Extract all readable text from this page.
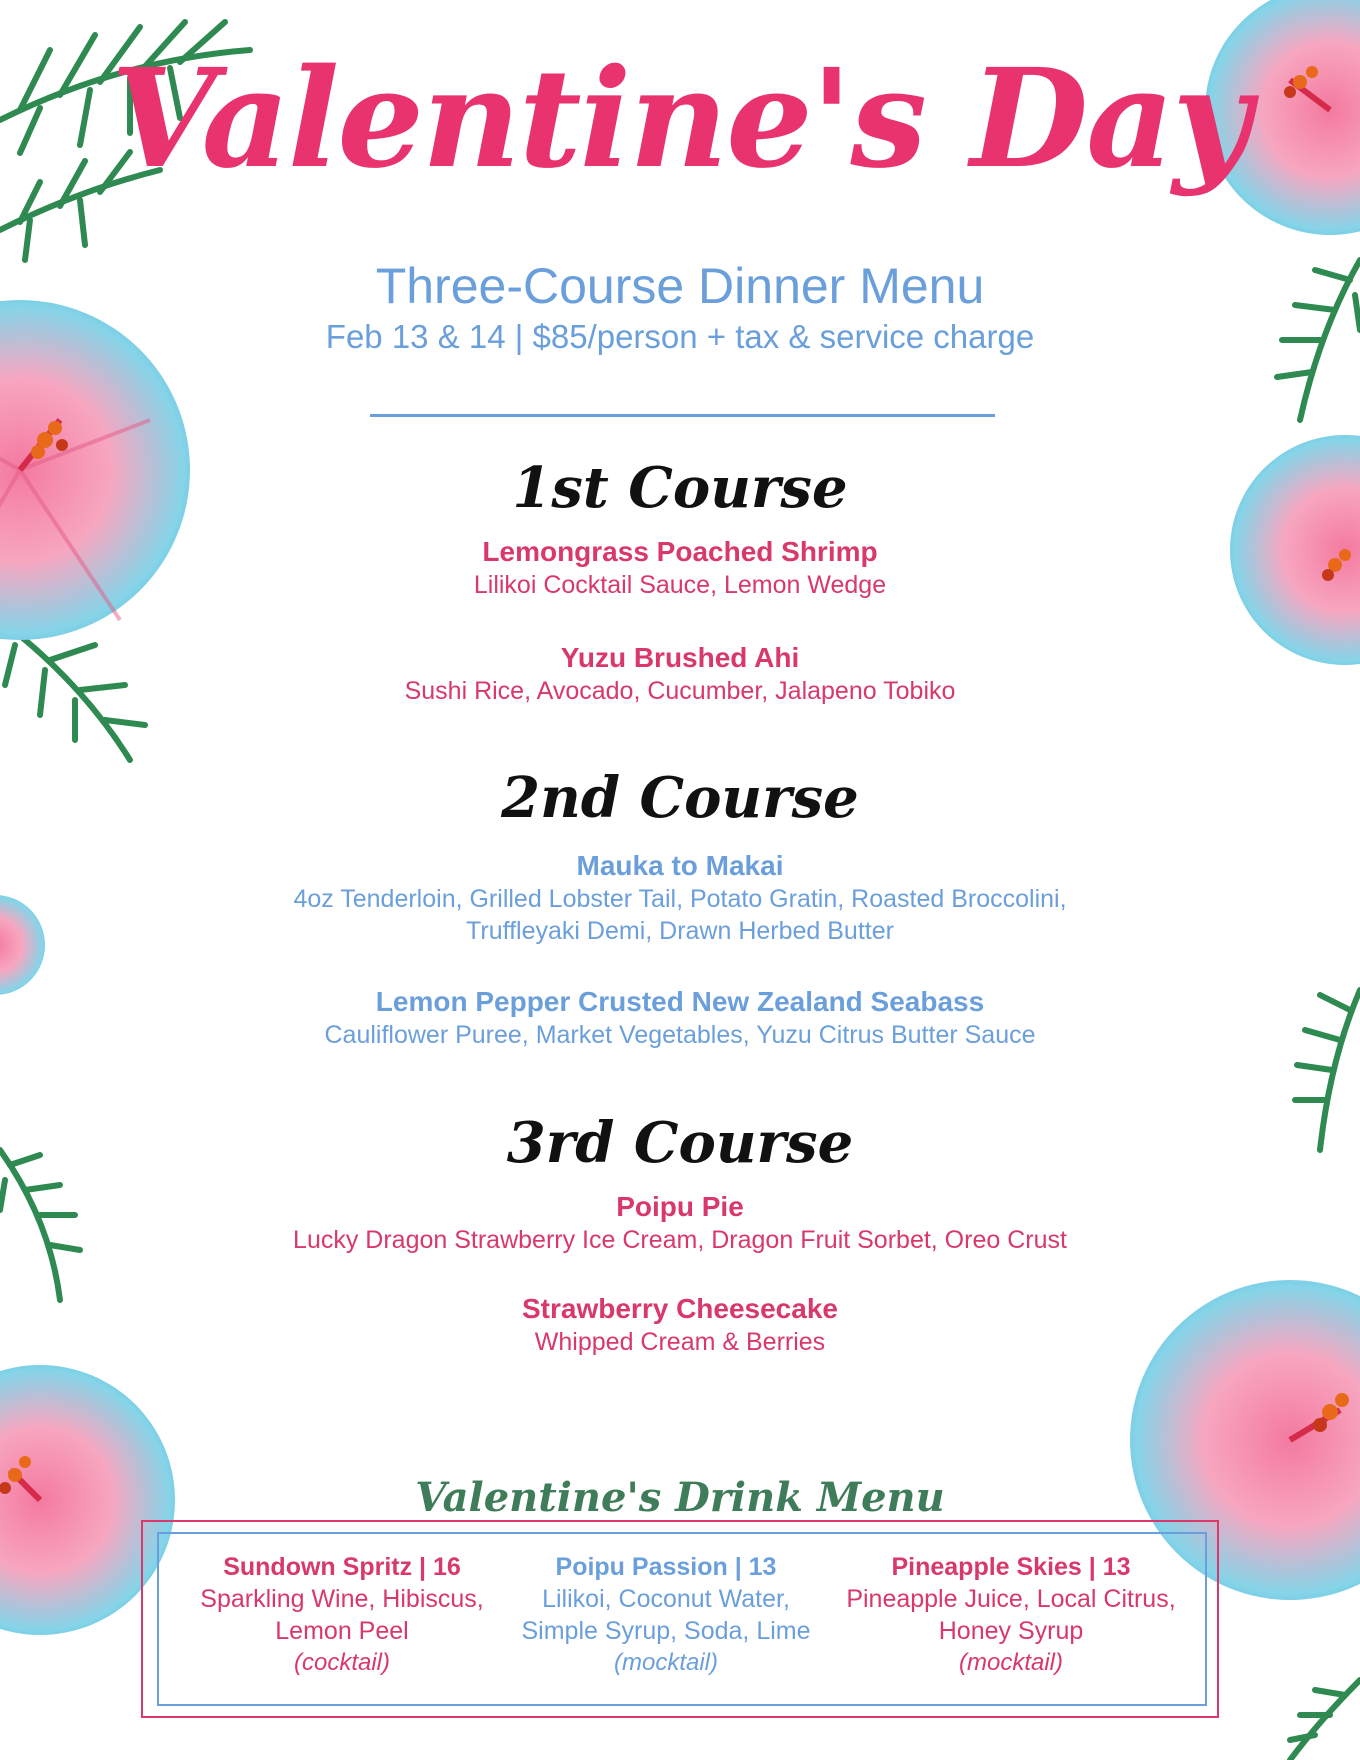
Valentine's Day
Three-Course Dinner Menu
Feb 13 & 14 | $85/person + tax & service charge
1st Course
Lemongrass Poached Shrimp
Lilikoi Cocktail Sauce, Lemon Wedge
Yuzu Brushed Ahi
Sushi Rice, Avocado, Cucumber, Jalapeno Tobiko
2nd Course
Mauka to Makai
4oz Tenderloin, Grilled Lobster Tail, Potato Gratin, Roasted Broccolini,
Truffleyaki Demi, Drawn Herbed Butter
Lemon Pepper Crusted New Zealand Seabass
Cauliflower Puree, Market Vegetables, Yuzu Citrus Butter Sauce
3rd Course
Poipu Pie
Lucky Dragon Strawberry Ice Cream, Dragon Fruit Sorbet, Oreo Crust
Strawberry Cheesecake
Whipped Cream & Berries
Valentine's Drink Menu
Sundown Spritz | 16
Sparkling Wine, Hibiscus,
Lemon Peel
(cocktail)
Poipu Passion | 13
Lilikoi, Coconut Water,
Simple Syrup, Soda, Lime
(mocktail)
Pineapple Skies | 13
Pineapple Juice, Local Citrus,
Honey Syrup
(mocktail)
